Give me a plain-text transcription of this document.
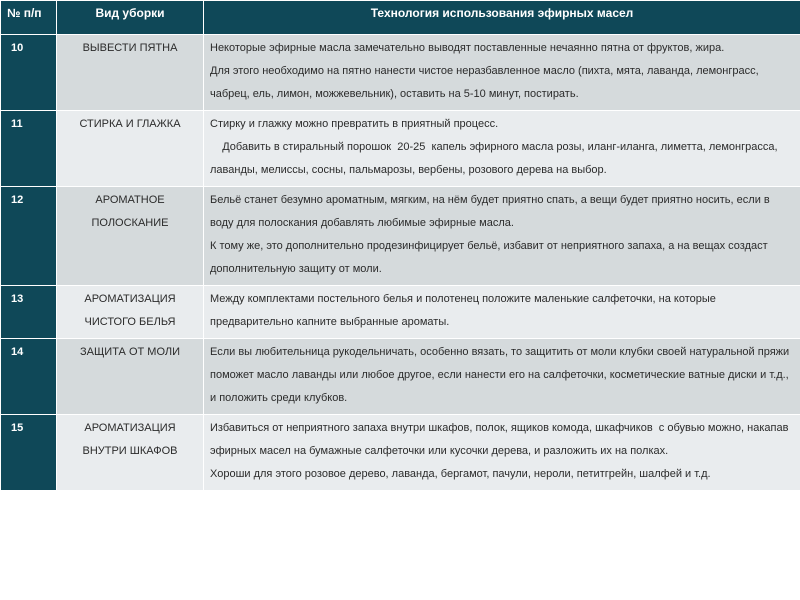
№ п/п	Вид уборки	Технология использования эфирных масел
10	ВЫВЕСТИ ПЯТНА	Некоторые эфирные масла замечательно выводят поставленные нечаянно пятна от фруктов, жира.
Для этого необходимо на пятно нанести чистое неразбавленное масло (пихта, мята, лаванда, лемонграсс, чабрец, ель, лимон, можжевельник), оставить на 5-10 минут, постирать.

11	СТИРКА И ГЛАЖКА	Стирку и глажку можно превратить в приятный процесс.
Добавить в стиральный порошок  20-25  капель эфирного масла розы, иланг-иланга, лиметта, лемонграсса, лаванды, мелиссы, сосны, пальмарозы, вербены, розового дерева на выбор.

12	АРОМАТНОЕ ПОЛОСКАНИЕ	Бельё станет безумно ароматным, мягким, на нём будет приятно спать, а вещи будет приятно носить, если в воду для полоскания добавлять любимые эфирные масла.
К тому же, это дополнительно продезинфицирует бельё, избавит от неприятного запаха, а на вещах создаст дополнительную защиту от моли.

13	АРОМАТИЗАЦИЯ ЧИСТОГО БЕЛЬЯ	Между комплектами постельного белья и полотенец положите маленькие салфеточки, на которые предварительно капните выбранные ароматы.

14	ЗАЩИТА ОТ МОЛИ	Если вы любительница рукодельничать, особенно вязать, то защитить от моли клубки своей натуральной пряжи  поможет масло лаванды или любое другое, если нанести его на салфеточки, косметические ватные диски и т.д., и положить среди клубков.

15	АРОМАТИЗАЦИЯ ВНУТРИ ШКАФОВ	Избавиться от неприятного запаха внутри шкафов, полок, ящиков комода, шкафчиков  с обувью можно, накапав эфирных масел на бумажные салфеточки или кусочки дерева, и разложить их на полках.
Хороши для этого розовое дерево, лаванда, бергамот, пачули, нероли, петитгрейн, шалфей и т.д.
